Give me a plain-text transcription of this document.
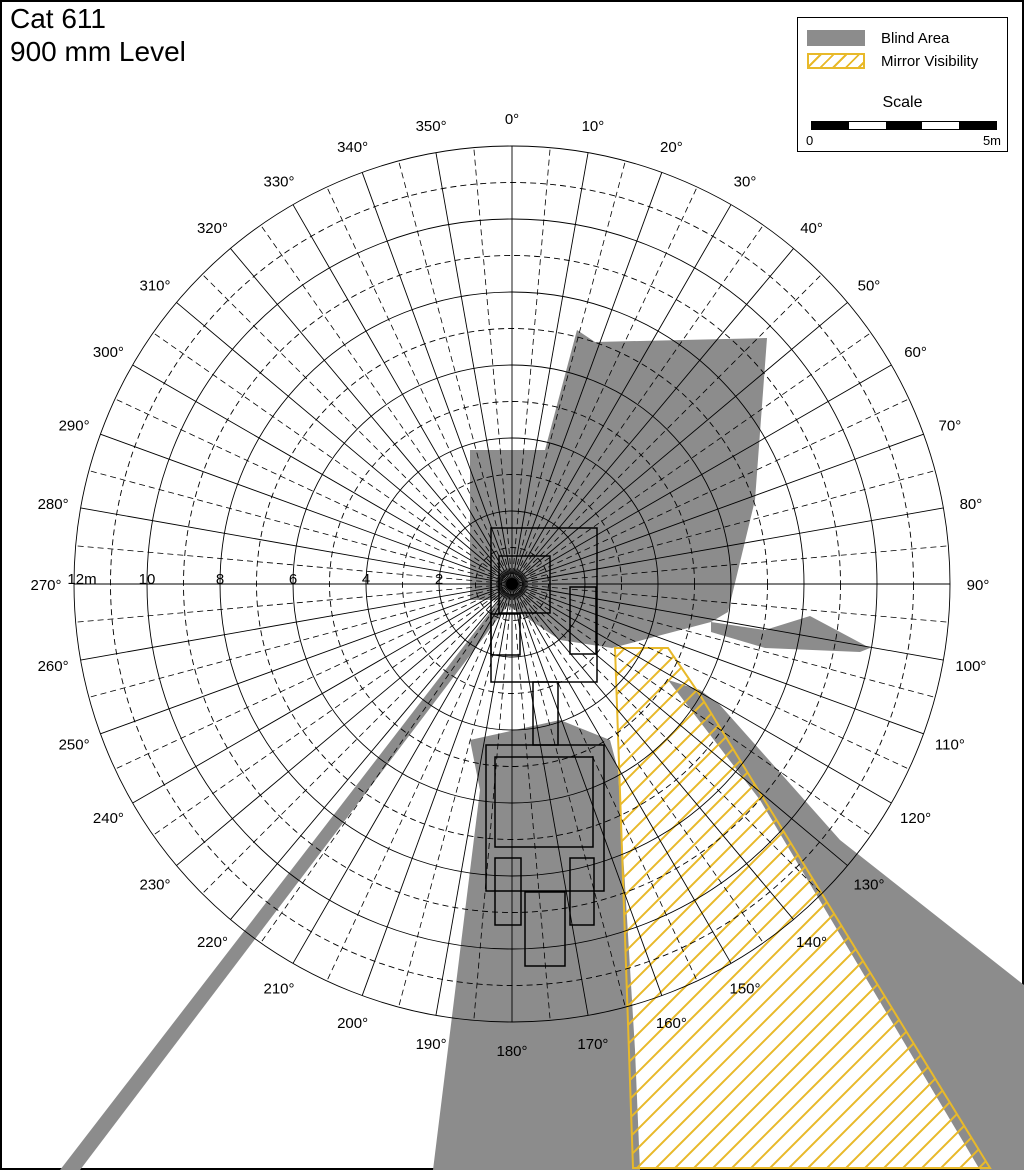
0°	10°
20°
30°
40°
50°
60°
70°
80°
90°
100°
110°
120°
130°
140°
150°
160°
170°
180°
190°
200°
210°
220°
230°
240°
250°
260°
270°
280°
290°
300°
310°
320°
330°
340°
350°
12m	10	8	6	4	2
Cat 611
900 mm Level	Blind Area
Mirror Visibility
Scale
0	5m
